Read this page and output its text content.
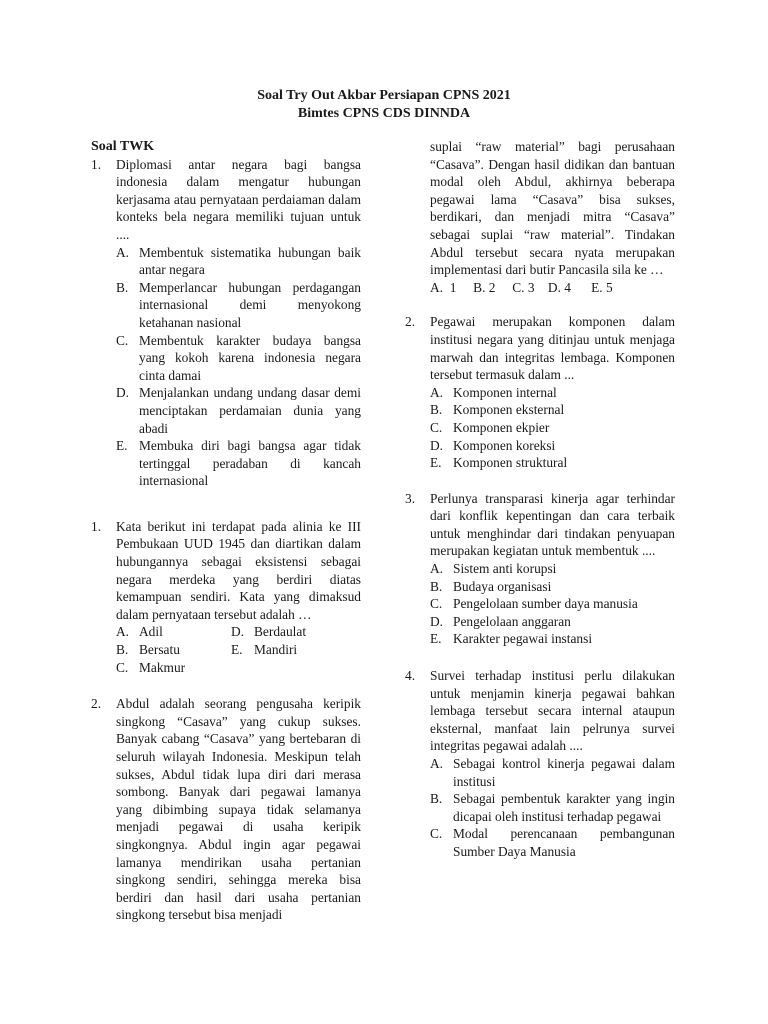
Soal Try Out Akbar Persiapan CPNS 2021
Bimtes CPNS CDS DINNDA
Soal TWK
1. Diplomasi antar negara bagi bangsa indonesia dalam mengatur hubungan kerjasama atau pernyataan perdaiaman dalam konteks bela negara memiliki tujuan untuk ....
A. Membentuk sistematika hubungan baik antar negara
B. Memperlancar hubungan perdagangan internasional demi menyokong ketahanan nasional
C. Membentuk karakter budaya bangsa yang kokoh karena indonesia negara cinta damai
D. Menjalankan undang undang dasar demi menciptakan perdamaian dunia yang abadi
E. Membuka diri bagi bangsa agar tidak tertinggal peradaban di kancah internasional
1. Kata berikut ini terdapat pada alinia ke III Pembukaan UUD 1945 dan diartikan dalam hubungannya sebagai eksistensi sebagai negara merdeka yang berdiri diatas kemampuan sendiri. Kata yang dimaksud dalam pernyataan tersebut adalah …
A. Adil	D. Berdaulat
B. Bersatu	E. Mandiri
C. Makmur
2. Abdul adalah seorang pengusaha keripik singkong “Casava” yang cukup sukses. Banyak cabang “Casava” yang bertebaran di seluruh wilayah Indonesia. Meskipun telah sukses, Abdul tidak lupa diri dari merasa sombong. Banyak dari pegawai lamanya yang dibimbing supaya tidak selamanya menjadi pegawai di usaha keripik singkongnya. Abdul ingin agar pegawai lamanya mendirikan usaha pertanian singkong sendiri, sehingga mereka bisa berdiri dan hasil dari usaha pertanian singkong tersebut bisa menjadi
suplai “raw material” bagi perusahaan “Casava”. Dengan hasil didikan dan bantuan modal oleh Abdul, akhirnya beberapa pegawai lama “Casava” bisa sukses, berdikari, dan menjadi mitra “Casava” sebagai suplai “raw material”. Tindakan Abdul tersebut secara nyata merupakan implementasi dari butir Pancasila sila ke …
A.  1     B. 2     C. 3    D. 4      E. 5
2. Pegawai merupakan komponen dalam institusi negara yang ditinjau untuk menjaga marwah dan integritas lembaga. Komponen tersebut termasuk dalam ...
A. Komponen internal
B. Komponen eksternal
C. Komponen ekpier
D. Komponen koreksi
E. Komponen struktural
3. Perlunya transparasi kinerja agar terhindar dari konflik kepentingan dan cara terbaik untuk menghindar dari tindakan penyuapan merupakan kegiatan untuk membentuk ....
A. Sistem anti korupsi
B. Budaya organisasi
C. Pengelolaan sumber daya manusia
D. Pengelolaan anggaran
E. Karakter pegawai instansi
4. Survei terhadap institusi perlu dilakukan untuk menjamin kinerja pegawai bahkan lembaga tersebut secara internal ataupun eksternal, manfaat lain pelrunya survei integritas pegawai adalah ....
A. Sebagai kontrol kinerja pegawai dalam institusi
B. Sebagai pembentuk karakter yang ingin dicapai oleh institusi terhadap pegawai
C. Modal perencanaan pembangunan Sumber Daya Manusia
